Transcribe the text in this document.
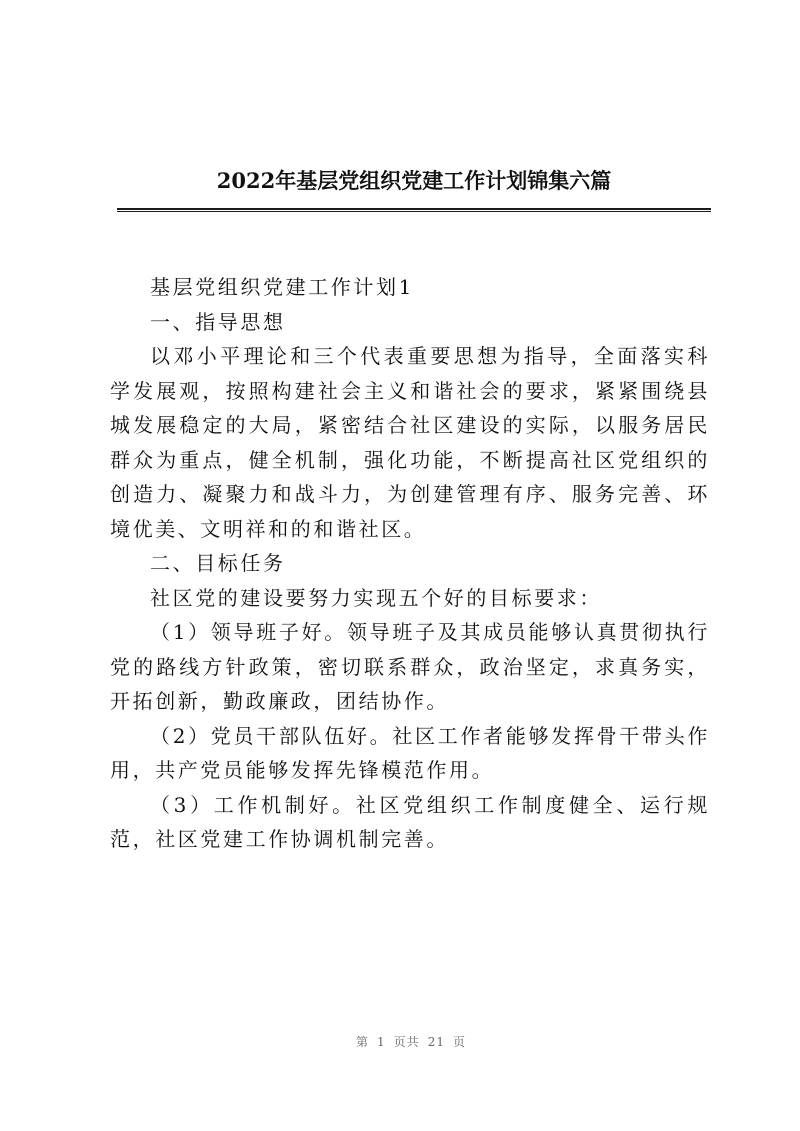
2022年基层党组织党建工作计划锦集六篇

基层党组织党建工作计划1

一、指导思想

以邓小平理论和三个代表重要思想为指导，全面落实科学发展观，按照构建社会主义和谐社会的要求，紧紧围绕县城发展稳定的大局，紧密结合社区建设的实际，以服务居民群众为重点，健全机制，强化功能，不断提高社区党组织的创造力、凝聚力和战斗力，为创建管理有序、服务完善、环境优美、文明祥和的和谐社区。

二、目标任务

社区党的建设要努力实现五个好的目标要求：

（1）领导班子好。领导班子及其成员能够认真贯彻执行党的路线方针政策，密切联系群众，政治坚定，求真务实，开拓创新，勤政廉政，团结协作。

（2）党员干部队伍好。社区工作者能够发挥骨干带头作用，共产党员能够发挥先锋模范作用。

（3）工作机制好。社区党组织工作制度健全、运行规范，社区党建工作协调机制完善。

第 1 页共 21 页
